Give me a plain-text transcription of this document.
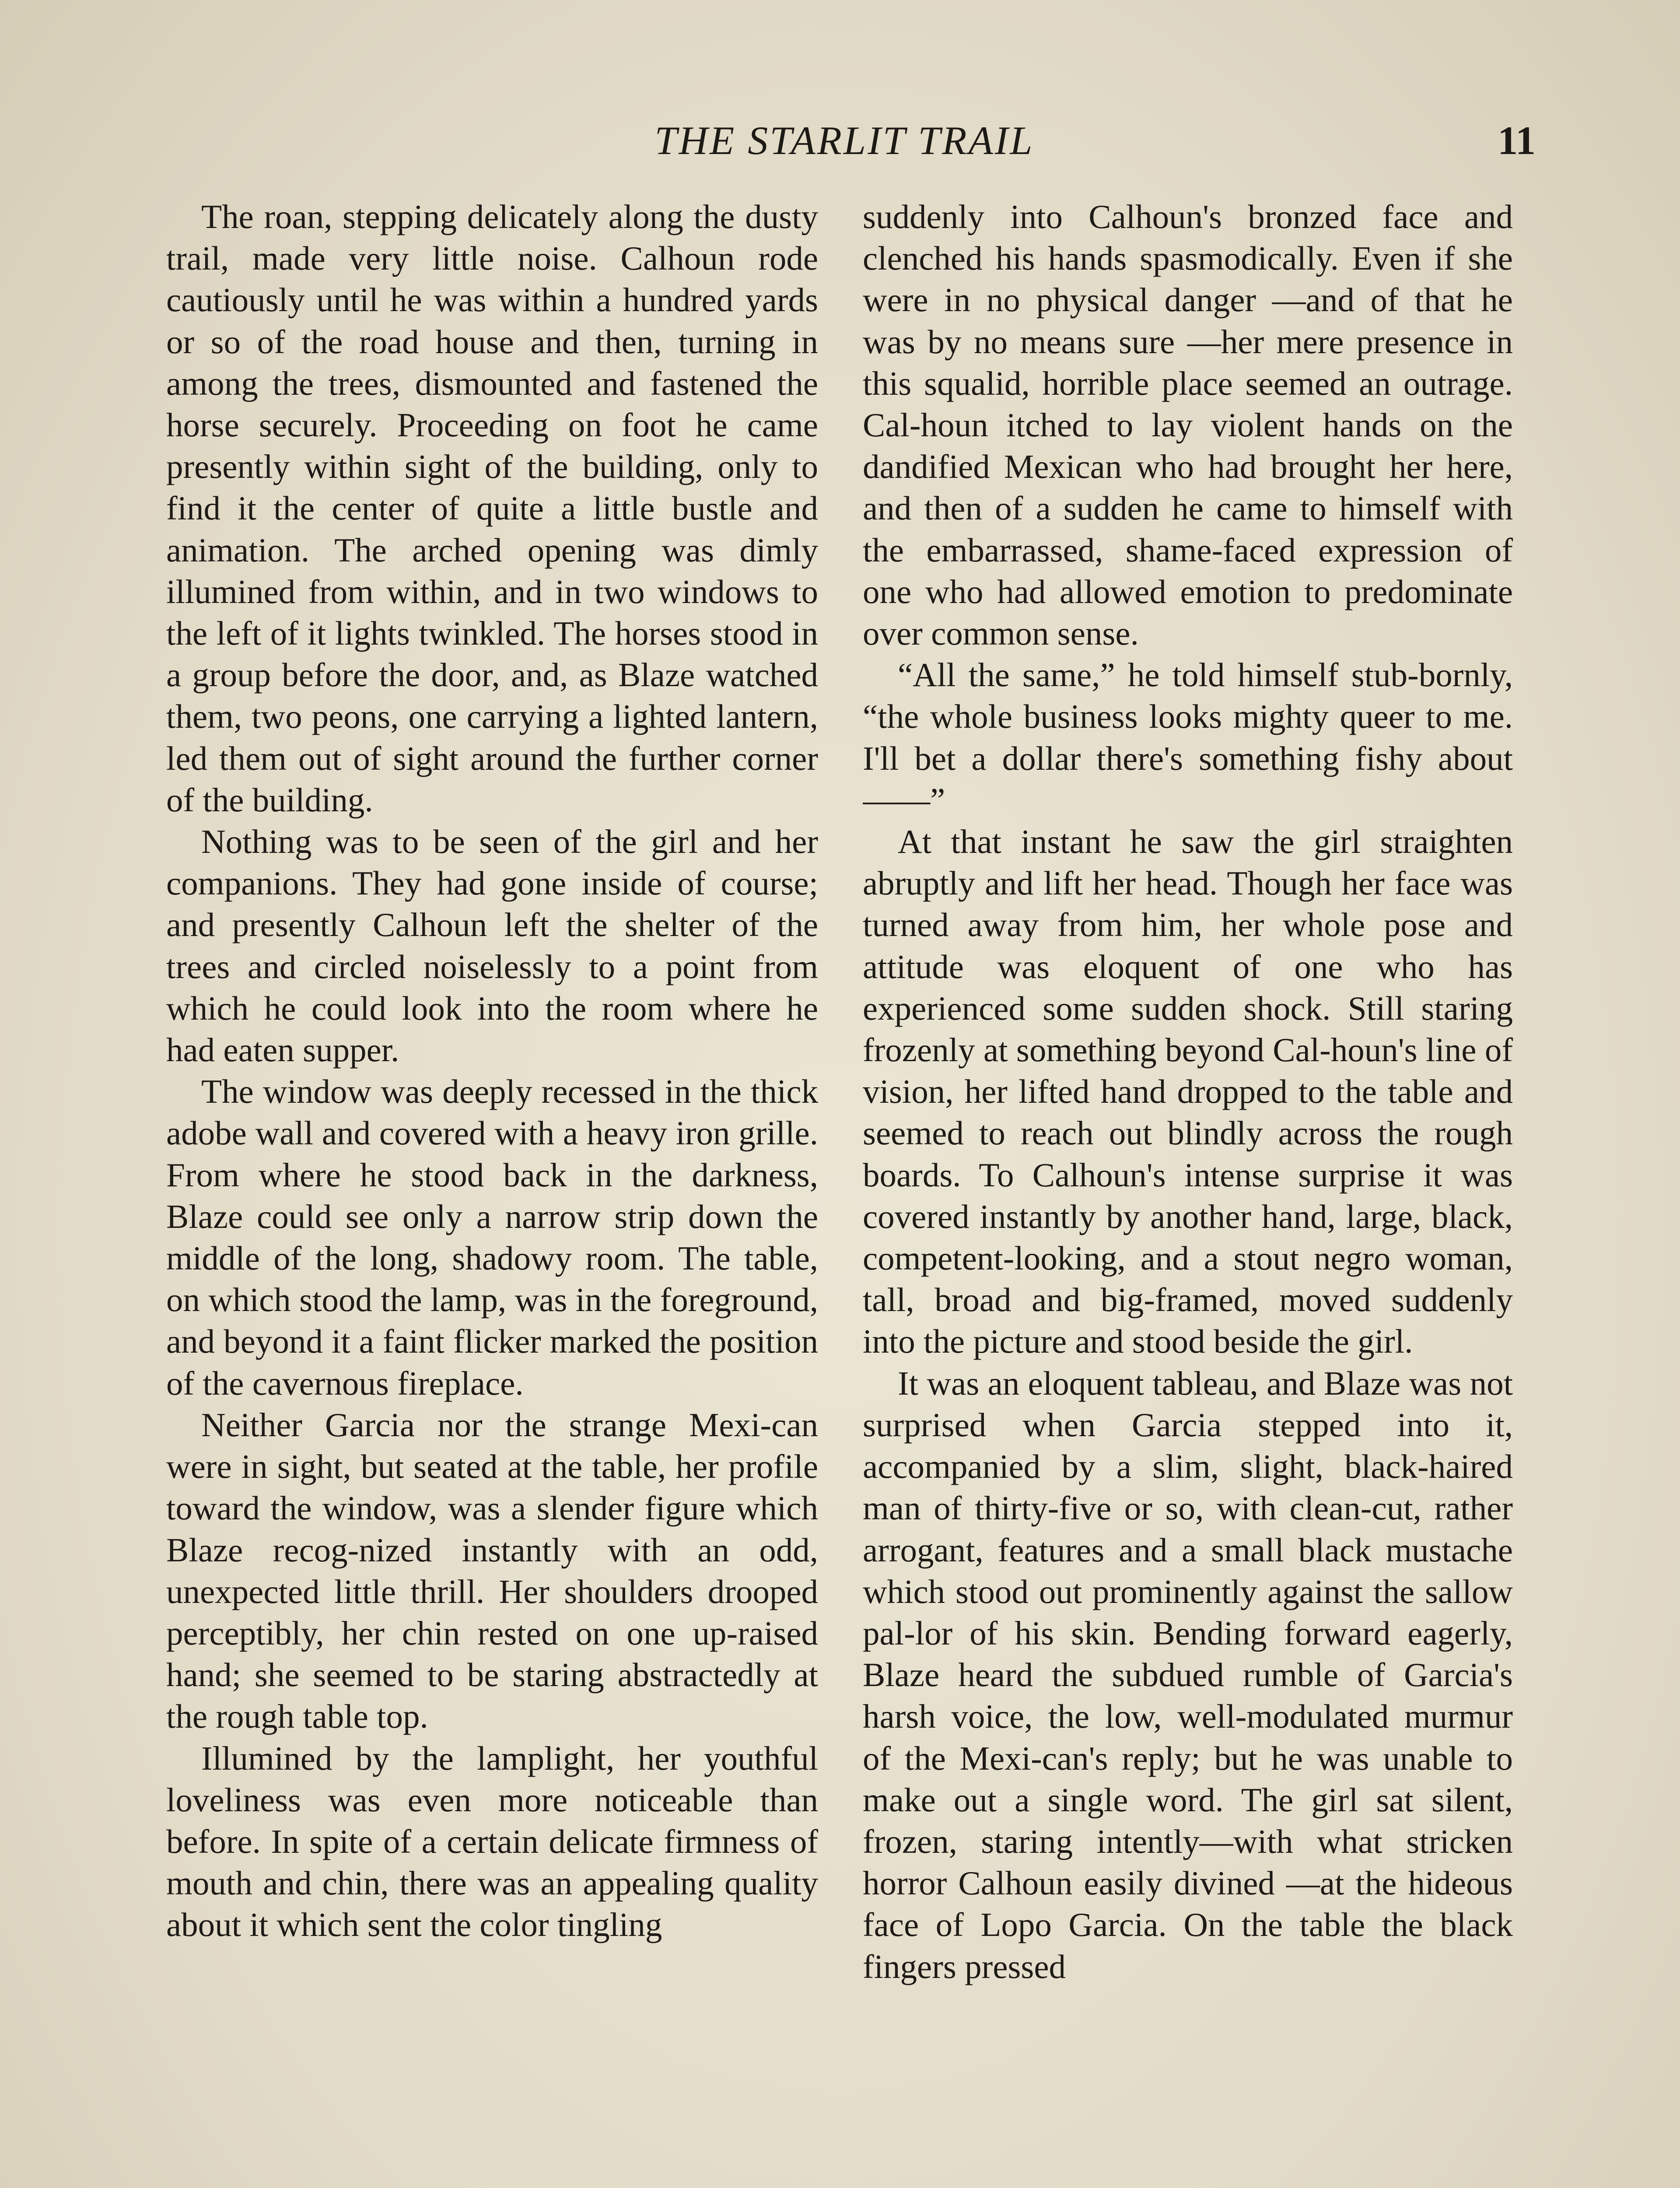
THE STARLIT TRAIL	11

The roan, stepping delicately along the dusty trail, made very little noise. Calhoun rode cautiously until he was within a hundred yards or so of the road house and then, turning in among the trees, dismounted and fastened the horse securely. Proceeding on foot he came presently within sight of the building, only to find it the center of quite a little bustle and animation. The arched opening was dimly illumined from within, and in two windows to the left of it lights twinkled. The horses stood in a group before the door, and, as Blaze watched them, two peons, one carrying a lighted lantern, led them out of sight around the further corner of the building.

Nothing was to be seen of the girl and her companions. They had gone inside of course; and presently Calhoun left the shelter of the trees and circled noiselessly to a point from which he could look into the room where he had eaten supper.

The window was deeply recessed in the thick adobe wall and covered with a heavy iron grille. From where he stood back in the darkness, Blaze could see only a narrow strip down the middle of the long, shadowy room. The table, on which stood the lamp, was in the foreground, and beyond it a faint flicker marked the position of the cavernous fireplace.

Neither Garcia nor the strange Mexi-can were in sight, but seated at the table, her profile toward the window, was a slender figure which Blaze recog-nized instantly with an odd, unexpected little thrill. Her shoulders drooped perceptibly, her chin rested on one up-raised hand; she seemed to be staring abstractedly at the rough table top.

Illumined by the lamplight, her youthful loveliness was even more noticeable than before. In spite of a certain delicate firmness of mouth and chin, there was an appealing quality about it which sent the color tingling

suddenly into Calhoun's bronzed face and clenched his hands spasmodically. Even if she were in no physical danger —and of that he was by no means sure —her mere presence in this squalid, horrible place seemed an outrage. Cal-houn itched to lay violent hands on the dandified Mexican who had brought her here, and then of a sudden he came to himself with the embarrassed, shame-faced expression of one who had allowed emotion to predominate over common sense.

“All the same,” he told himself stub-bornly, “the whole business looks mighty queer to me. I'll bet a dollar there's something fishy about——”

At that instant he saw the girl straighten abruptly and lift her head. Though her face was turned away from him, her whole pose and attitude was eloquent of one who has experienced some sudden shock. Still staring frozenly at something beyond Cal-houn's line of vision, her lifted hand dropped to the table and seemed to reach out blindly across the rough boards. To Calhoun's intense surprise it was covered instantly by another hand, large, black, competent-looking, and a stout negro woman, tall, broad and big-framed, moved suddenly into the picture and stood beside the girl.

It was an eloquent tableau, and Blaze was not surprised when Garcia stepped into it, accompanied by a slim, slight, black-haired man of thirty-five or so, with clean-cut, rather arrogant, features and a small black mustache which stood out prominently against the sallow pal-lor of his skin. Bending forward eagerly, Blaze heard the subdued rumble of Garcia's harsh voice, the low, well-modulated murmur of the Mexi-can's reply; but he was unable to make out a single word. The girl sat silent, frozen, staring intently—with what stricken horror Calhoun easily divined —at the hideous face of Lopo Garcia. On the table the black fingers pressed
